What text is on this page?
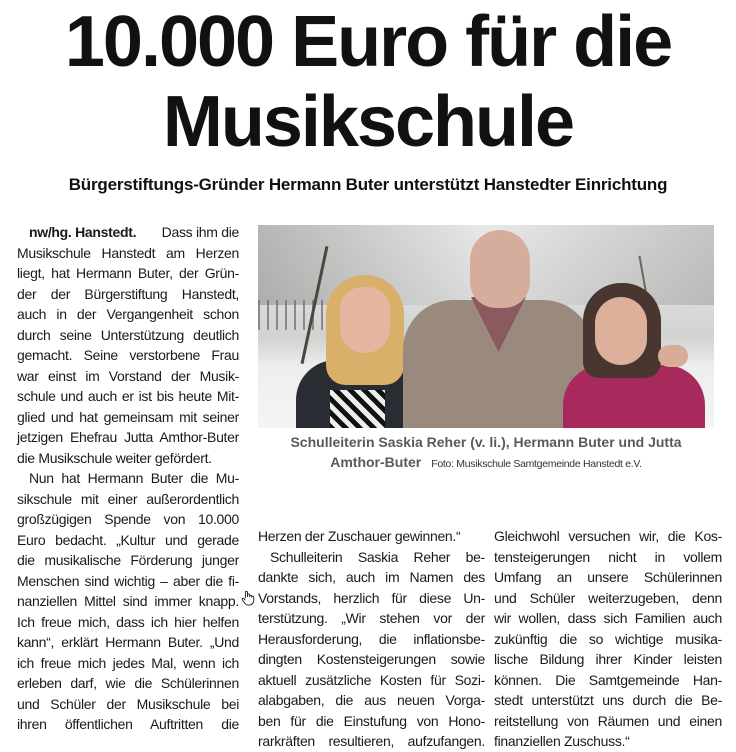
10.000 Euro für die
Musikschule
Bürgerstiftungs-Gründer Hermann Buter unterstützt Hanstedter Einrichtung
nw/hg. Hanstedt. Dass ihm die
Musikschule Hanstedt am Herzen
liegt, hat Hermann Buter, der Grün-
der der Bürgerstiftung Hanstedt,
auch in der Vergangenheit schon
durch seine Unterstützung deutlich
gemacht. Seine verstorbene Frau
war einst im Vorstand der Musik-
schule und auch er ist bis heute Mit-
glied und hat gemeinsam mit seiner
jetzigen Ehefrau Jutta Amthor-Buter
die Musikschule weiter gefördert.
Nun hat Hermann Buter die Mu-
sikschule mit einer außerordentlich
großzügigen Spende von 10.000
Euro bedacht. „Kultur und gerade
die musikalische Förderung junger
Menschen sind wichtig – aber die fi-
nanziellen Mittel sind immer knapp.
Ich freue mich, dass ich hier helfen
kann“, erklärt Hermann Buter. „Und
ich freue mich jedes Mal, wenn ich
erleben darf, wie die Schülerinnen
und Schüler der Musikschule bei
ihren öffentlichen Auftritten die
Herzen der Zuschauer gewinnen.“
Schulleiterin Saskia Reher be-
dankte sich, auch im Namen des
Vorstands, herzlich für diese Un-
terstützung. „Wir stehen vor der
Herausforderung, die inflationsbe-
dingten Kostensteigerungen sowie
aktuell zusätzliche Kosten für Sozi-
alabgaben, die aus neuen Vorga-
ben für die Einstufung von Hono-
rarkräften resultieren, aufzufangen.
Gleichwohl versuchen wir, die Kos-
tensteigerungen nicht in vollem
Umfang an unsere Schülerinnen
und Schüler weiterzugeben, denn
wir wollen, dass sich Familien auch
zukünftig die so wichtige musika-
lische Bildung ihrer Kinder leisten
können. Die Samtgemeinde Han-
stedt unterstützt uns durch die Be-
reitstellung von Räumen und einen
finanziellen Zuschuss.“
Schulleiterin Saskia Reher (v. li.), Hermann Buter und Jutta
Amthor-Buter Foto: Musikschule Samtgemeinde Hanstedt e.V.
